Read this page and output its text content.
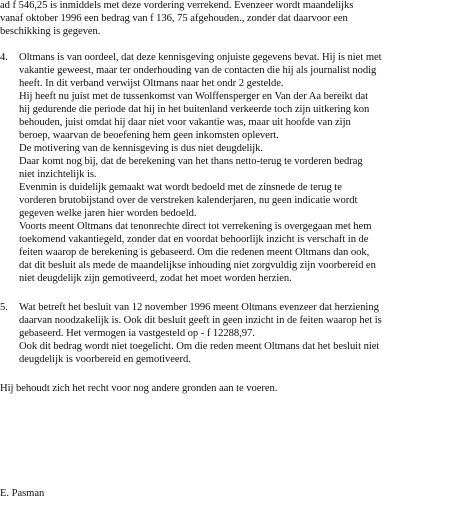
ad f 546,25 is inmiddels met deze vordering verrekend. Evenzeer wordt maandelijks
vanaf oktober 1996 een bedrag van f 136, 75 afgehouden., zonder dat daarvoor een
beschikking is gegeven.
4. Oltmans is van oordeel, dat deze kennisgeving onjuiste gegevens bevat. Hij is niet met
vakantie geweest, maar ter onderhouding van de contacten die hij als journalist nodig
heeft. In dit verband verwijst Oltmans naar het ondr 2 gestelde.
Hij heeft nu juist met de tussenkomst van Wolffensperger en Van der Aa bereikt dat
hij gedurende die periode dat hij in het buitenland verkeerde toch zijn uitkering kon
behouden, juist omdat hij daar niet voor vakantie was, maar uit hoofde van zijn
beroep, waarvan de beoefening hem geen inkomsten oplevert.
De motivering van de kennisgeving is dus niet deugdelijk.
Daar komt nog bij, dat de berekening van het thans netto-terug te vorderen bedrag
niet inzichtelijk is.
Evenmin is duidelijk gemaakt wat wordt bedoeld met de zinsnede de terug te
vorderen brutobijstand over de verstreken kalenderjaren, nu geen indicatie wordt
gegeven welke jaren hier worden bedoeld.
Voorts meent Oltmans dat tenonrechte direct tot verrekening is overgegaan met hem
toekomend vakantiegeld, zonder dat en voordat behoorlijk inzicht is verschaft in de
feiten waarop de berekening is gebaseerd. Om die redenen meent Oltmans dan ook,
dat dit besluit als mede de maandelijkse inhouding niet zorgvuldig zijn voorbereid en
niet deugdelijk zijn gemotiveerd, zodat het moet worden herzien.
5. Wat betreft het besluit van 12 november 1996 meent Oltmans evenzeer dat herziening
daarvan noodzakelijk is. Ook dit besluit geeft in geen inzicht in de feiten waarop het is
gebaseerd. Het vermogen ia vastgesteld op - f 12288,97.
Ook dit bedrag wordt niet toegelicht. Om die reden meent Oltmans dat het besluit niet
deugdelijk is voorbereid en gemotiveerd.
Hij behoudt zich het recht voor nog andere gronden aan te voeren.
E. Pasman
